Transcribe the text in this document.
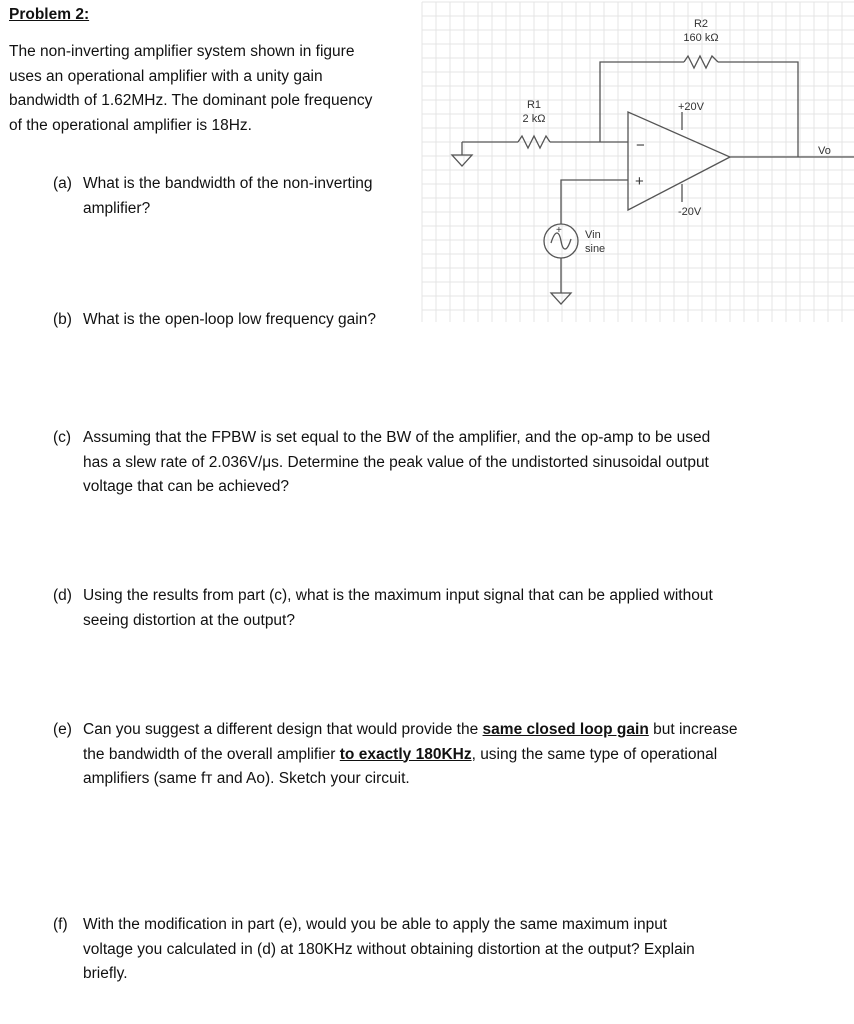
Problem 2:
The non-inverting amplifier system shown in figure
uses an operational amplifier with a unity gain
bandwidth of 1.62MHz. The dominant pole frequency
of the operational amplifier is 18Hz.
R2
160 kΩ
R1
2 kΩ
+20V
-20V
Vo
Vin
sine
−
+
+
(a) What is the bandwidth of the non-inverting
amplifier?
(b) What is the open-loop low frequency gain?
(c) Assuming that the FPBW is set equal to the BW of the amplifier, and the op-amp to be used
has a slew rate of 2.036V/μs. Determine the peak value of the undistorted sinusoidal output
voltage that can be achieved?
(d) Using the results from part (c), what is the maximum input signal that can be applied without
seeing distortion at the output?
(e) Can you suggest a different design that would provide the same closed loop gain but increase
the bandwidth of the overall amplifier to exactly 180KHz, using the same type of operational
amplifiers (same fт and Ao). Sketch your circuit.
(f) With the modification in part (e), would you be able to apply the same maximum input
voltage you calculated in (d) at 180KHz without obtaining distortion at the output? Explain
briefly.
